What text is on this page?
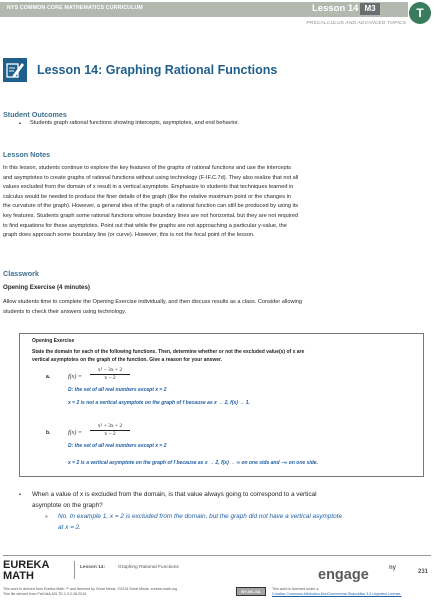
NYS COMMON CORE MATHEMATICS CURRICULUM	Lesson 14 M3	T
PRECALCULUS AND ADVANCED TOPICS
Lesson 14: Graphing Rational Functions
Student Outcomes
▪ Students graph rational functions showing intercepts, asymptotes, and end behavior.
Lesson Notes
In this lesson, students continue to explore the key features of the graphs of rational functions and use the intercepts
and asymptotes to create graphs of rational functions without using technology (F-IF.C.7d). They also realize that not all
values excluded from the domain of x result in a vertical asymptote. Emphasize to students that techniques learned in
calculus would be needed to produce the finer details of the graph (like the relative maximum point or the changes in
the curvature of the graph). However, a general idea of the graph of a rational function can still be produced by using its
key features. Students graph some rational functions whose boundary lines are not horizontal, but they are not required
to find equations for these asymptotes. Point out that while the graphs are not approaching a particular y-value, the
graph does approach some boundary line (or curve). However, this is not the focal point of the lesson.
Classwork
Opening Exercise (4 minutes)
Allow students time to complete the Opening Exercise individually, and then discuss results as a class. Consider allowing
students to check their answers using technology.
Opening Exercise
State the domain for each of the following functions. Then, determine whether or not the excluded value(s) of x are
vertical asymptotes on the graph of the function. Give a reason for your answer.
a.	f(x) =
x² − 3x + 2
x − 2
D: the set of all real numbers except x = 2
x = 2 is not a vertical asymptote on the graph of f because as x → 2, f(x) → 1.
b.	f(x) =
x² + 3x + 2
x − 2
D: the set of all real numbers except x = 2
x = 2 is a vertical asymptote on the graph of f because as x → 2, f(x) → ∞ on one side and −∞ on one side.
▪ When a value of x is excluded from the domain, is that value always going to correspond to a vertical
asymptote on the graph?
» No. In example 1, x = 2 is excluded from the domain, but the graph did not have a vertical asymptote
at x = 2.
EUREKA
MATH
Lesson 14:	Graphing Rational Functions
This work is derived from Eureka Math ™ and licensed by Great Minds. ©2015 Great Minds. eureka-math.org
This file derived from PreCalA-M3-TE-1.3.0-08.2015	BY-NC-SA	This work is licensed under a
Creative Commons Attribution-NonCommercial-ShareAlike 3.0 Unported License.
engage	ny
231
